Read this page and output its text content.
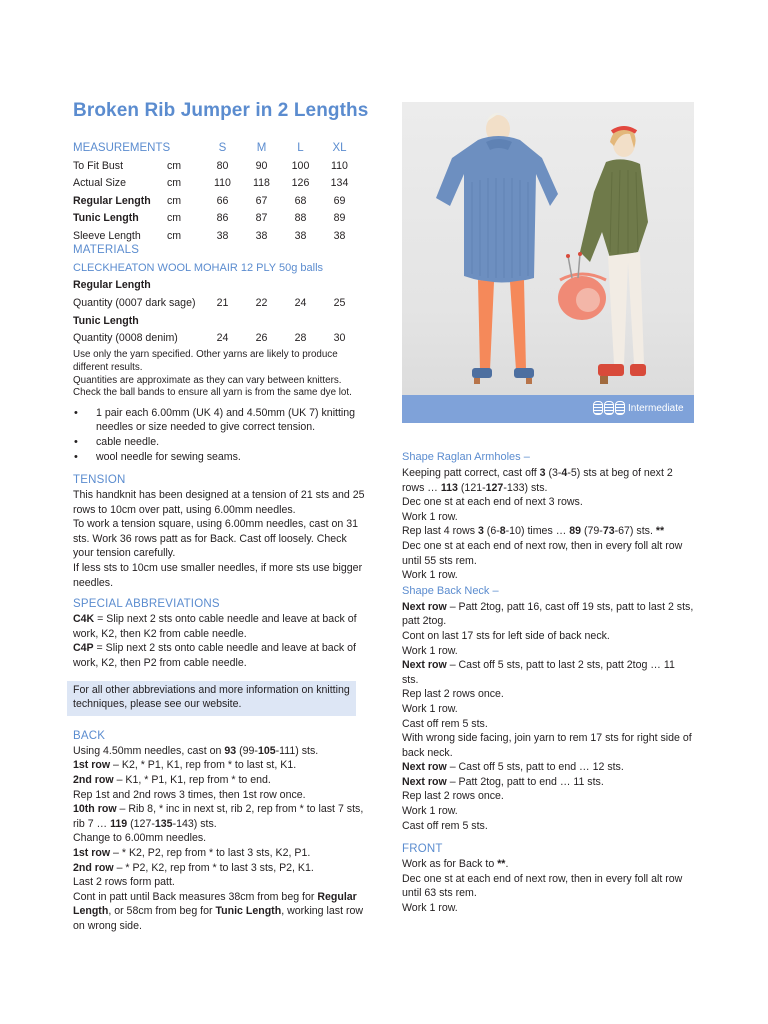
Broken Rib Jumper in 2 Lengths
Intermediate
MEASUREMENTS		S	M	L	XL
To Fit Bust	cm	80	90	100	110
Actual Size	cm	110	118	126	134
Regular Length	cm	66	67	68	69
Tunic Length	cm	86	87	88	89
Sleeve Length	cm	38	38	38	38
MATERIALS
CLECKHEATON WOOL MOHAIR 12 PLY 50g balls
Regular Length				
Quantity (0007 dark sage)	21	22	24	25
Tunic Length				
Quantity (0008 denim)	24	26	28	30
Use only the yarn specified. Other yarns are likely to produce different results.
Quantities are approximate as they can vary between knitters.
Check the ball bands to ensure all yarn is from the same dye lot.
• 1 pair each 6.00mm (UK 4) and 4.50mm (UK 7) knitting needles or size needed to give correct tension.
• cable needle.
• wool needle for sewing seams.
TENSION
This handknit has been designed at a tension of 21 sts and 25 rows to 10cm over patt, using 6.00mm needles.
To work a tension square, using 6.00mm needles, cast on 31 sts. Work 36 rows patt as for Back. Cast off loosely. Check your tension carefully.
If less sts to 10cm use smaller needles, if more sts use bigger needles.
SPECIAL ABBREVIATIONS
C4K = Slip next 2 sts onto cable needle and leave at back of work, K2, then K2 from cable needle.
C4P = Slip next 2 sts onto cable needle and leave at back of work, K2, then P2 from cable needle.
For all other abbreviations and more information on knitting techniques, please see our website.
BACK
Using 4.50mm needles, cast on 93 (99-105-111) sts.
1st row – K2, * P1, K1, rep from * to last st, K1.
2nd row – K1, * P1, K1, rep from * to end.
Rep 1st and 2nd rows 3 times, then 1st row once.
10th row – Rib 8, * inc in next st, rib 2, rep from * to last 7 sts, rib 7 … 119 (127-135-143) sts.
Change to 6.00mm needles.
1st row – * K2, P2, rep from * to last 3 sts, K2, P1.
2nd row – * P2, K2, rep from * to last 3 sts, P2, K1.
Last 2 rows form patt.
Cont in patt until Back measures 38cm from beg for Regular Length, or 58cm from beg for Tunic Length, working last row on wrong side.
Shape Raglan Armholes –
Keeping patt correct, cast off 3 (3-4-5) sts at beg of next 2 rows … 113 (121-127-133) sts.
Dec one st at each end of next 3 rows.
Work 1 row.
Rep last 4 rows 3 (6-8-10) times … 89 (79-73-67) sts. **
Dec one st at each end of next row, then in every foll alt row until 55 sts rem.
Work 1 row.
Shape Back Neck –
Next row – Patt 2tog, patt 16, cast off 19 sts, patt to last 2 sts, patt 2tog.
Cont on last 17 sts for left side of back neck.
Work 1 row.
Next row – Cast off 5 sts, patt to last 2 sts, patt 2tog … 11 sts.
Rep last 2 rows once.
Work 1 row.
Cast off rem 5 sts.
With wrong side facing, join yarn to rem 17 sts for right side of back neck.
Next row – Cast off 5 sts, patt to end … 12 sts.
Next row – Patt 2tog, patt to end … 11 sts.
Rep last 2 rows once.
Work 1 row.
Cast off rem 5 sts.
FRONT
Work as for Back to **.
Dec one st at each end of next row, then in every foll alt row until 63 sts rem.
Work 1 row.
